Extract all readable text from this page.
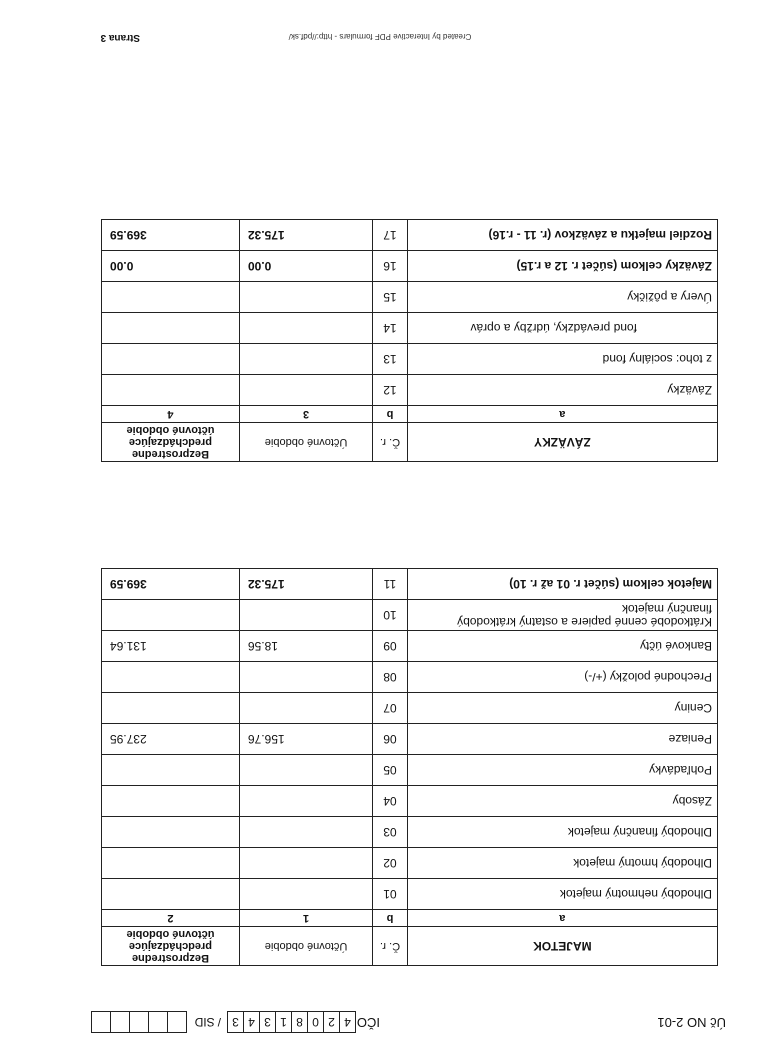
Úč NO 2-01
IČO
4
2
0
8
1
3
4
3
/
SID
MAJETOK	Č. r.	Účtovné obdobie	Bezprostredne predchádzajúce účtovné obdobie
a	b	1	2
Dlhodobý nehmotný majetok	01		
Dlhodobý hmotný majetok	02		
Dlhodobý finančný majetok	03		
Zásoby	04		
Pohľadávky	05		
Peniaze	06	156.76	237.95
Ceniny	07		
Prechodné položky (+/-)	08		
Bankové účty	09	18.56	131.64
Krátkodobé cenné papiere a ostatný krátkodobý finančný majetok	10		
Majetok celkom (súčet r. 01 až r. 10)	11	175.32	369.59
ZÁVÄZKY	Č. r.	Účtovné obdobie	Bezprostredne predchádzajúce účtovné obdobie
a	b	3	4
Záväzky	12		
z toho: sociálny fond	13		
fond prevádzky, údržby a opráv	14		
Úvery a pôžičky	15		
Záväzky celkom (súčet r. 12 a r.15)	16	0.00	0.00
Rozdiel majetku a záväzkov (r. 11 - r.16)	17	175.32	369.59
Created by Interactive PDF formulars - http://pdf.sk/
Strana 3
